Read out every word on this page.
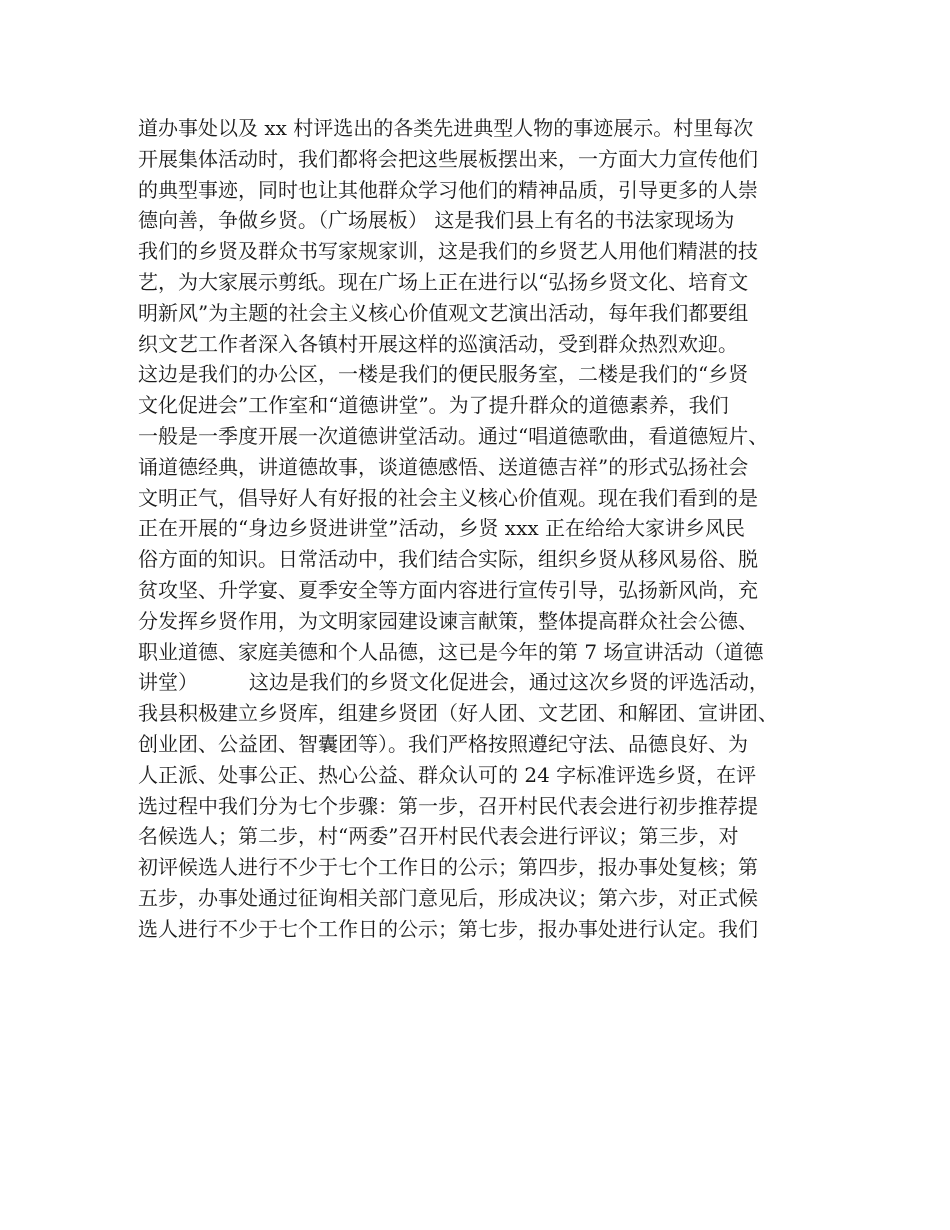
道办事处以及 xx 村评选出的各类先进典型人物的事迹展示。村里每次
开展集体活动时，我们都将会把这些展板摆出来，一方面大力宣传他们
的典型事迹，同时也让其他群众学习他们的精神品质，引导更多的人崇
德向善，争做乡贤。（广场展板） 这是我们县上有名的书法家现场为
我们的乡贤及群众书写家规家训，这是我们的乡贤艺人用他们精湛的技
艺，为大家展示剪纸。现在广场上正在进行以“弘扬乡贤文化、培育文
明新风”为主题的社会主义核心价值观文艺演出活动，每年我们都要组
织文艺工作者深入各镇村开展这样的巡演活动，受到群众热烈欢迎。
这边是我们的办公区，一楼是我们的便民服务室，二楼是我们的“乡贤
文化促进会”工作室和“道德讲堂”。为了提升群众的道德素养，我们
一般是一季度开展一次道德讲堂活动。通过“唱道德歌曲，看道德短片、
诵道德经典，讲道德故事，谈道德感悟、送道德吉祥”的形式弘扬社会
文明正气，倡导好人有好报的社会主义核心价值观。现在我们看到的是
正在开展的“身边乡贤进讲堂”活动，乡贤 xxx 正在给给大家讲乡风民
俗方面的知识。日常活动中，我们结合实际，组织乡贤从移风易俗、脱
贫攻坚、升学宴、夏季安全等方面内容进行宣传引导，弘扬新风尚，充
分发挥乡贤作用，为文明家园建设谏言献策，整体提高群众社会公德、
职业道德、家庭美德和个人品德，这已是今年的第 7 场宣讲活动（道德
讲堂）        这边是我们的乡贤文化促进会，通过这次乡贤的评选活动，
我县积极建立乡贤库，组建乡贤团（好人团、文艺团、和解团、宣讲团、
创业团、公益团、智囊团等）。我们严格按照遵纪守法、品德良好、为
人正派、处事公正、热心公益、群众认可的 24 字标准评选乡贤，在评
选过程中我们分为七个步骤：第一步，召开村民代表会进行初步推荐提
名候选人；第二步，村“两委”召开村民代表会进行评议；第三步，对
初评候选人进行不少于七个工作日的公示；第四步，报办事处复核；第
五步，办事处通过征询相关部门意见后，形成决议；第六步，对正式候
选人进行不少于七个工作日的公示；第七步，报办事处进行认定。我们
